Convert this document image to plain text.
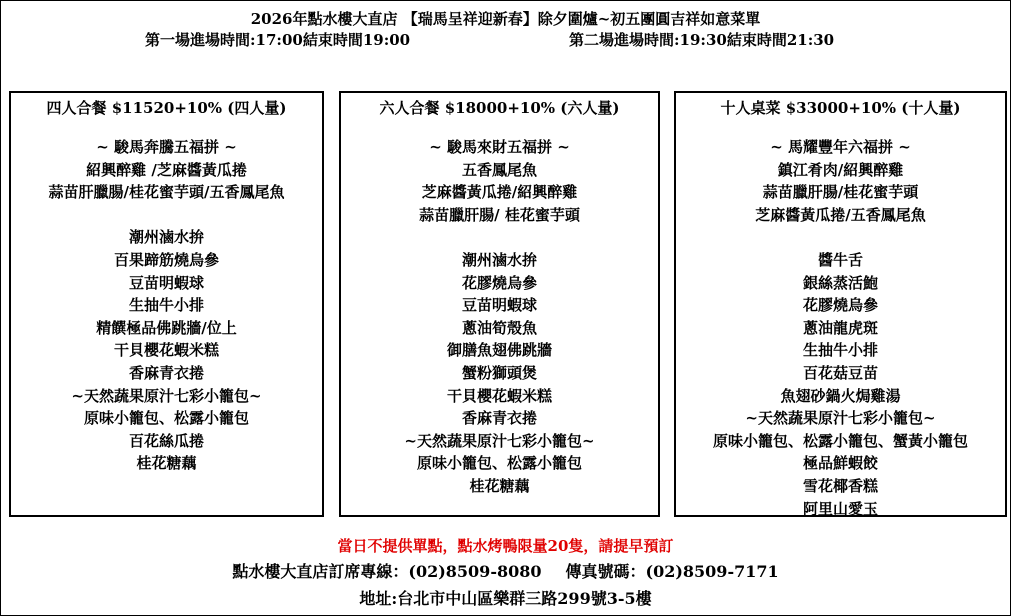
2026年點水樓大直店 【瑞馬呈祥迎新春】除夕圍爐~初五團圓吉祥如意菜單
第一場進場時間:17:00結束時間19:00	第二場進場時間:19:30結束時間21:30
四人合餐 $11520+10% (四人量)
~ 駿馬奔騰五福拼 ~
紹興醉雞 /芝麻醬黃瓜捲
蒜苗肝臘腸/桂花蜜芋頭/五香鳳尾魚
潮州滷水拚
百果蹄筋燒烏參
豆苗明蝦球
生抽牛小排
精饌極品佛跳牆/位上
干貝櫻花蝦米糕
香麻青衣捲
~天然蔬果原汁七彩小籠包~
原味小籠包、松露小籠包
百花絲瓜捲
桂花糖藕
六人合餐 $18000+10% (六人量)
~ 駿馬來財五福拼 ~
五香鳳尾魚
芝麻醬黃瓜捲/紹興醉雞
蒜苗臘肝腸/ 桂花蜜芋頭
潮州滷水拚
花膠燒烏參
豆苗明蝦球
蔥油筍殼魚
御膳魚翅佛跳牆
蟹粉獅頭煲
干貝櫻花蝦米糕
香麻青衣捲
~天然蔬果原汁七彩小籠包~
原味小籠包、松露小籠包
桂花糖藕
十人桌菜 $33000+10% (十人量)
~ 馬耀豐年六福拼 ~
鎮江肴肉/紹興醉雞
蒜苗臘肝腸/桂花蜜芋頭
芝麻醬黃瓜捲/五香鳳尾魚
醬牛舌
銀絲蒸活鮑
花膠燒烏參
蔥油龍虎斑
生抽牛小排
百花菇豆苗
魚翅砂鍋火焗雞湯
~天然蔬果原汁七彩小籠包~
原味小籠包、松露小籠包、蟹黃小籠包
極品鮮蝦餃
雪花椰香糕
阿里山愛玉
當日不提供單點，點水烤鴨限量20隻，請提早預訂
點水樓大直店訂席專線：(02)8509-8080 傳真號碼：(02)8509-7171
地址:台北市中山區樂群三路299號3-5樓
